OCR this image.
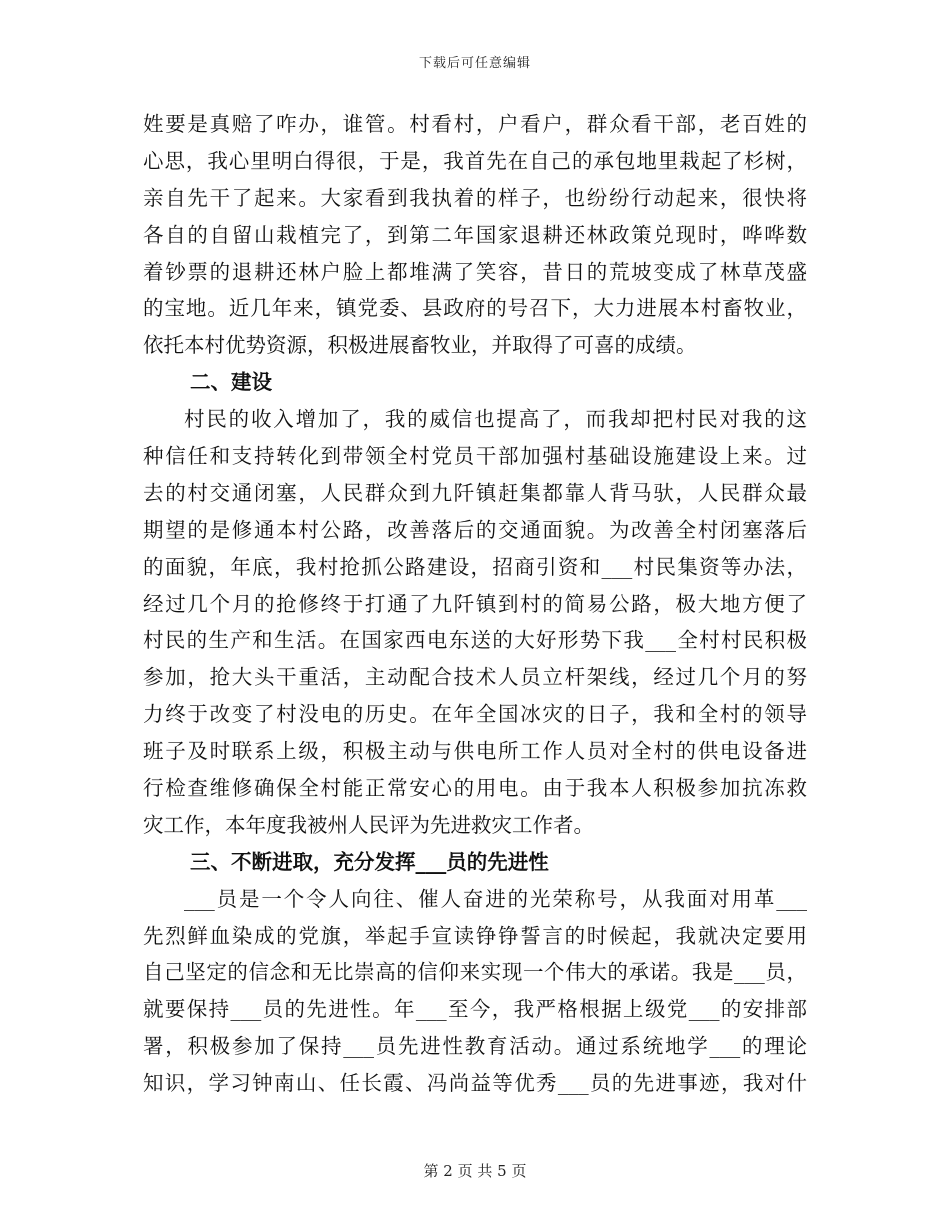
下载后可任意编辑
姓要是真赔了咋办，谁管。村看村，户看户，群众看干部，老百姓的
心思，我心里明白得很，于是，我首先在自己的承包地里栽起了杉树，
亲自先干了起来。大家看到我执着的样子，也纷纷行动起来，很快将
各自的自留山栽植完了，到第二年国家退耕还林政策兑现时，哗哗数
着钞票的退耕还林户脸上都堆满了笑容，昔日的荒坡变成了林草茂盛
的宝地。近几年来，镇党委、县政府的号召下，大力进展本村畜牧业，
依托本村优势资源，积极进展畜牧业，并取得了可喜的成绩。
二、建设
村民的收入增加了，我的威信也提高了，而我却把村民对我的这
种信任和支持转化到带领全村党员干部加强村基础设施建设上来。过
去的村交通闭塞，人民群众到九阡镇赶集都靠人背马驮，人民群众最
期望的是修通本村公路，改善落后的交通面貌。为改善全村闭塞落后
的面貌，年底，我村抢抓公路建设，招商引资和___村民集资等办法，
经过几个月的抢修终于打通了九阡镇到村的简易公路，极大地方便了
村民的生产和生活。在国家西电东送的大好形势下我___全村村民积极
参加，抢大头干重活，主动配合技术人员立杆架线，经过几个月的努
力终于改变了村没电的历史。在年全国冰灾的日子，我和全村的领导
班子及时联系上级，积极主动与供电所工作人员对全村的供电设备进
行检查维修确保全村能正常安心的用电。由于我本人积极参加抗冻救
灾工作，本年度我被州人民评为先进救灾工作者。
三、不断进取，充分发挥___员的先进性
___员是一个令人向往、催人奋进的光荣称号，从我面对用革___
先烈鲜血染成的党旗，举起手宣读铮铮誓言的时候起，我就决定要用
自己坚定的信念和无比崇高的信仰来实现一个伟大的承诺。我是___员，
就要保持___员的先进性。年___至今，我严格根据上级党___的安排部
署，积极参加了保持___员先进性教育活动。通过系统地学___的理论
知识，学习钟南山、任长霞、冯尚益等优秀___员的先进事迹，我对什
第 2 页 共 5 页
